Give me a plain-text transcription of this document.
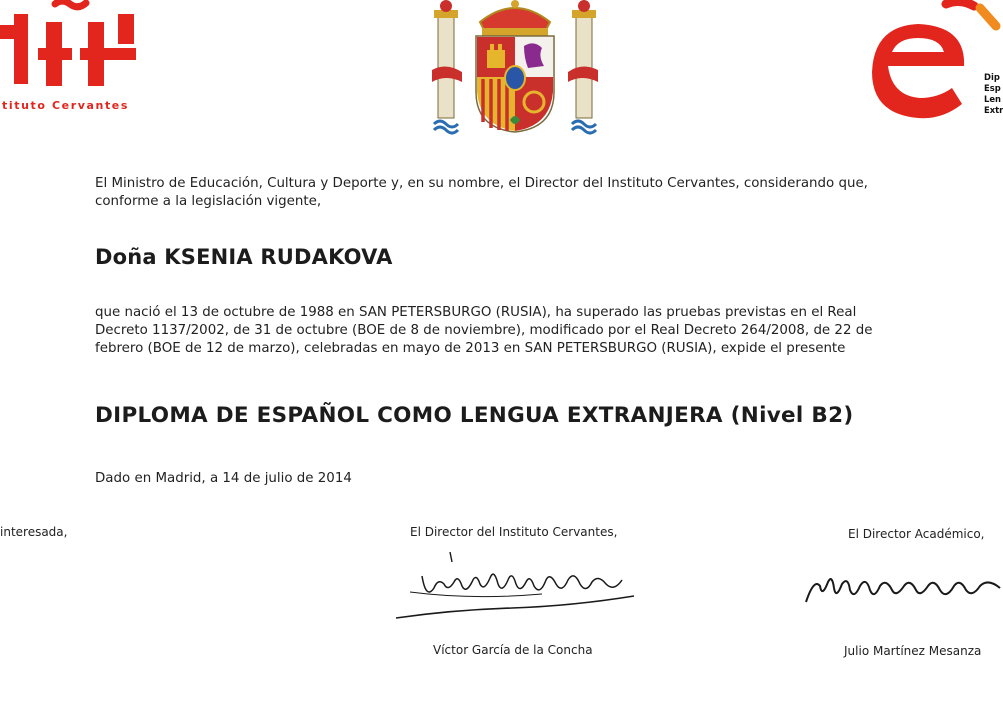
tituto Cervantes
Dip
Esp
Len
Extr
El Ministro de Educación, Cultura y Deporte y, en su nombre, el Director del Instituto Cervantes, considerando que,
conforme a la legislación vigente,
Doña KSENIA RUDAKOVA
que nació el 13 de octubre de 1988 en SAN PETERSBURGO (RUSIA), ha superado las pruebas previstas en el Real
Decreto 1137/2002, de 31 de octubre (BOE de 8 de noviembre), modificado por el Real Decreto 264/2008, de 22 de
febrero (BOE de 12 de marzo), celebradas en mayo de 2013 en SAN PETERSBURGO (RUSIA), expide el presente
DIPLOMA DE ESPAÑOL COMO LENGUA EXTRANJERA (Nivel B2)
Dado en Madrid, a 14 de julio de 2014
interesada,	El Director del Instituto Cervantes,	El Director Académico,
Víctor García de la Concha	Julio Martínez Mesanza
